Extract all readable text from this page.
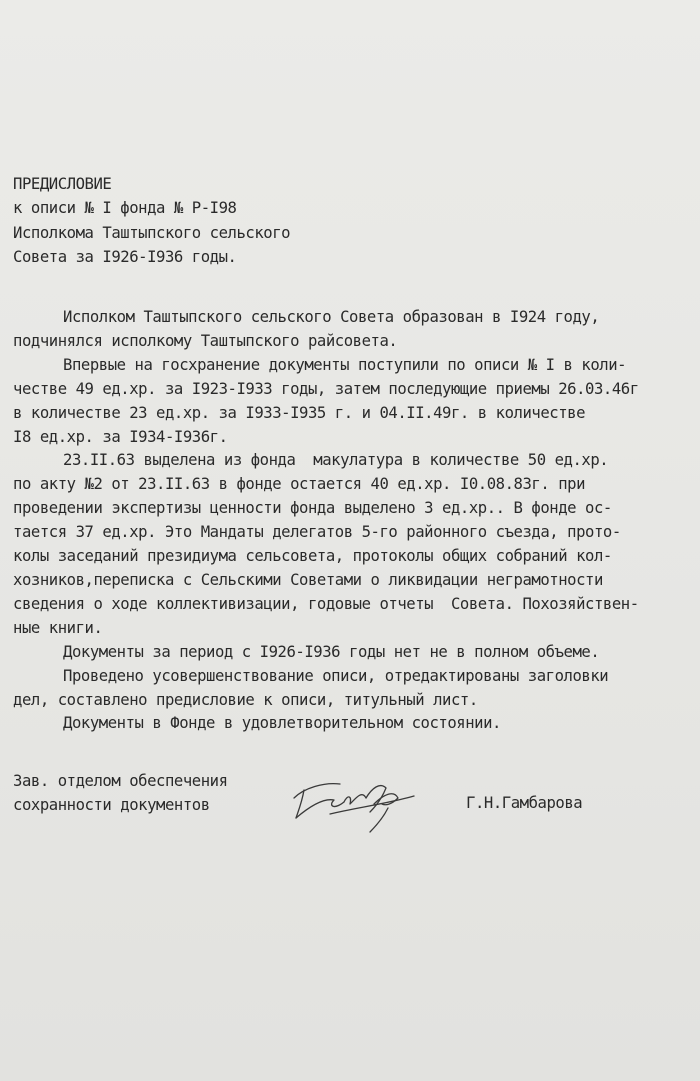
ПРЕДИСЛОВИЕ
к описи № I фонда № Р-I98
Исполкома Таштыпского сельского
Совета за I926-I936 годы.
Исполком Таштыпского сельского Совета образован в I924 году,
подчинялся исполкому Таштыпского райсовета.
Впервые на госхранение документы поступили по описи № I в коли-
честве 49 ед.хр. за I923-I933 годы, затем последующие приемы 26.03.46г
в количестве 23 ед.хр. за I933-I935 г. и 04.II.49г. в количестве
I8 ед.хр. за I934-I936г.
23.II.63 выделена из фонда  макулатура в количестве 50 ед.хр.
по акту №2 от 23.II.63 в фонде остается 40 ед.хр. I0.08.83г. при
проведении экспертизы ценности фонда выделено 3 ед.хр.. В фонде ос-
тается 37 ед.хр. Это Мандаты делегатов 5-го районного съезда, прото-
колы заседаний президиума сельсовета, протоколы общих собраний кол-
хозников,переписка с Сельскими Советами о ликвидации неграмотности
сведения о ходе коллективизации, годовые отчеты  Совета. Похозяйствен-
ные книги.
Документы за период с I926-I936 годы нет не в полном объеме.
Проведено усовершенствование описи, отредактированы заголовки
дел, составлено предисловие к описи, титульный лист.
Документы в Фонде в удовлетворительном состоянии.
Зав. отделом обеспечения
сохранности документов	Г.Н.Гамбарова
